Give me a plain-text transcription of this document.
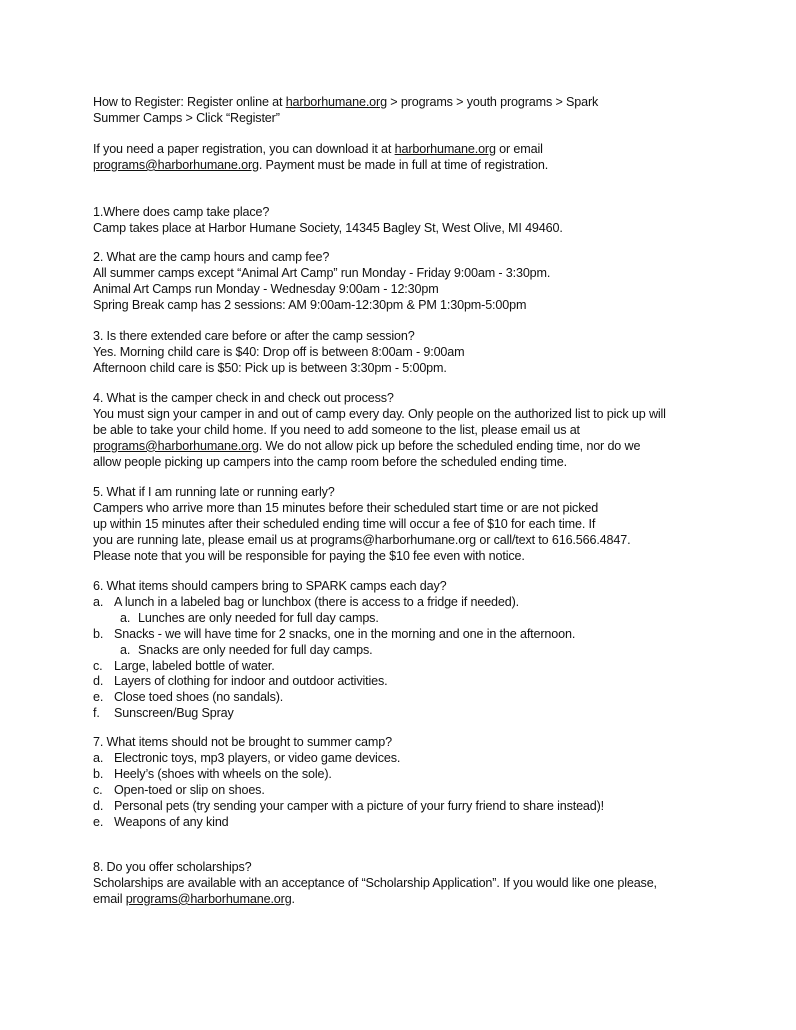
How to Register: Register online at harborhumane.org > programs > youth programs > Spark
Summer Camps > Click “Register”
If you need a paper registration, you can download it at harborhumane.org or email
programs@harborhumane.org. Payment must be made in full at time of registration.
1.Where does camp take place?
Camp takes place at Harbor Humane Society, 14345 Bagley St, West Olive, MI 49460.
2. What are the camp hours and camp fee?
All summer camps except “Animal Art Camp” run Monday - Friday 9:00am - 3:30pm.
Animal Art Camps run Monday - Wednesday 9:00am - 12:30pm
Spring Break camp has 2 sessions: AM 9:00am-12:30pm & PM 1:30pm-5:00pm
3. Is there extended care before or after the camp session?
Yes. Morning child care is $40: Drop off is between 8:00am - 9:00am
Afternoon child care is $50: Pick up is between 3:30pm - 5:00pm.
4. What is the camper check in and check out process?
You must sign your camper in and out of camp every day. Only people on the authorized list to pick up will
be able to take your child home. If you need to add someone to the list, please email us at
programs@harborhumane.org. We do not allow pick up before the scheduled ending time, nor do we
allow people picking up campers into the camp room before the scheduled ending time.
5. What if I am running late or running early?
Campers who arrive more than 15 minutes before their scheduled start time or are not picked
up within 15 minutes after their scheduled ending time will occur a fee of $10 for each time. If
you are running late, please email us at programs@harborhumane.org or call/text to 616.566.4847.
Please note that you will be responsible for paying the $10 fee even with notice.
6. What items should campers bring to SPARK camps each day?
a. A lunch in a labeled bag or lunchbox (there is access to a fridge if needed).
a. Lunches are only needed for full day camps.
b. Snacks - we will have time for 2 snacks, one in the morning and one in the afternoon.
a. Snacks are only needed for full day camps.
c. Large, labeled bottle of water.
d. Layers of clothing for indoor and outdoor activities.
e. Close toed shoes (no sandals).
f. Sunscreen/Bug Spray
7. What items should not be brought to summer camp?
a. Electronic toys, mp3 players, or video game devices.
b. Heely’s (shoes with wheels on the sole).
c. Open-toed or slip on shoes.
d. Personal pets (try sending your camper with a picture of your furry friend to share instead)!
e. Weapons of any kind
8. Do you offer scholarships?
Scholarships are available with an acceptance of “Scholarship Application”. If you would like one please,
email programs@harborhumane.org.
